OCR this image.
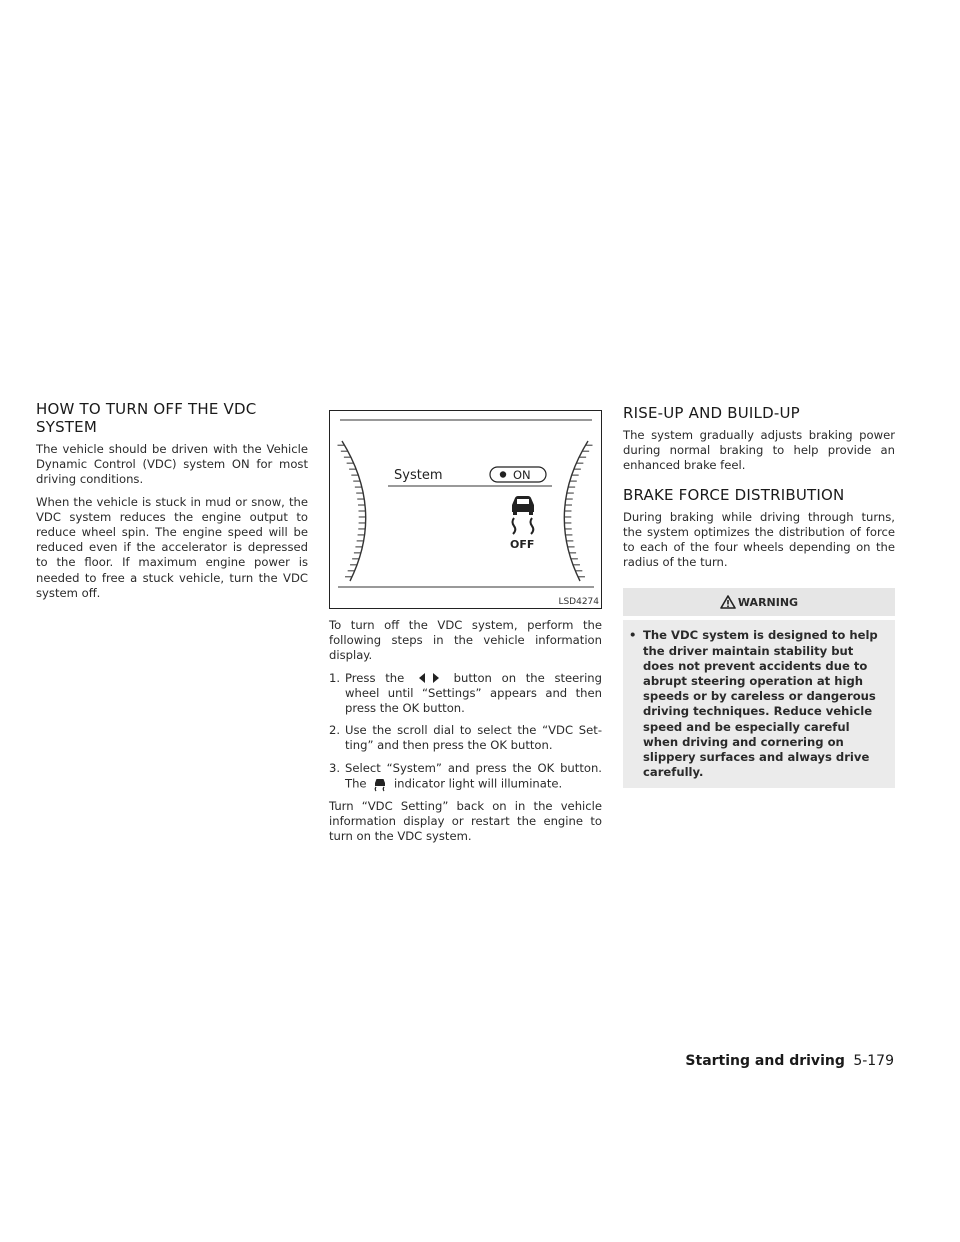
HOW TO TURN OFF THE VDC SYSTEM

The vehicle should be driven with the Vehicle Dynamic Control (VDC) system ON for most driving conditions.

When the vehicle is stuck in mud or snow, the VDC system reduces the engine output to reduce wheel spin. The engine speed will be reduced even if the accelerator is depressed to the floor. If maximum engine power is needed to free a stuck vehicle, turn the VDC system off.

System	ON
OFF
LSD4274

To turn off the VDC system, perform the following steps in the vehicle information display.

1. Press the	button on the steering wheel until “Settings” appears and then press the OK button.
2. Use the scroll dial to select the “VDC Setting” and then press the OK button.
3. Select “System” and press the OK button. The indicator light will illuminate.

Turn “VDC Setting” back on in the vehicle information display or restart the engine to turn on the VDC system.

RISE-UP AND BUILD-UP

The system gradually adjusts braking power during normal braking to help provide an enhanced brake feel.

BRAKE FORCE DISTRIBUTION

During braking while driving through turns, the system optimizes the distribution of force to each of the four wheels depending on the radius of the turn.

WARNING
• The VDC system is designed to help the driver maintain stability but does not prevent accidents due to abrupt steering operation at high speeds or by careless or dangerous driving techniques. Reduce vehicle speed and be especially careful when driving and cornering on slippery surfaces and always drive carefully.
Starting and driving 5-179
